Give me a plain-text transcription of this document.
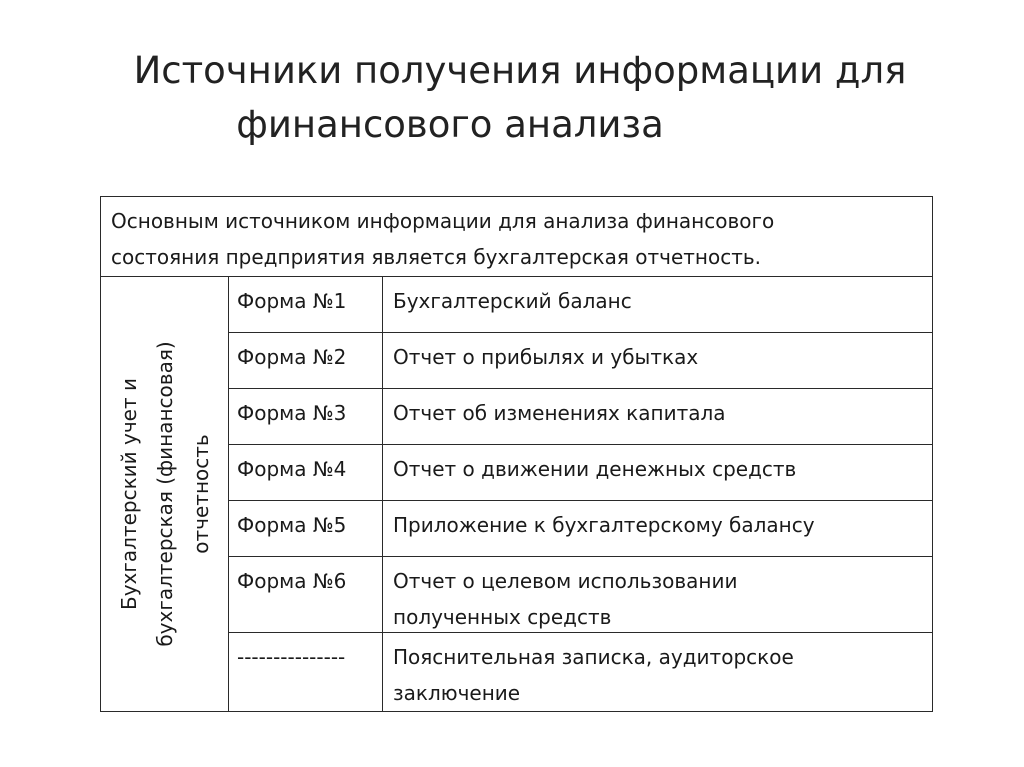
Источники получения информации для
финансового анализа
Основным источником информации для анализа финансового
состояния предприятия является бухгалтерская отчетность.
Бухгалтерский учет и бухгалтерская (финансовая) отчетность
Форма №1	Бухгалтерский баланс
Форма №2	Отчет о прибылях и убытках
Форма №3	Отчет об изменениях капитала
Форма №4	Отчет о движении денежных средств
Форма №5	Приложение к бухгалтерскому балансу
Форма №6	Отчет о целевом использовании
полученных средств
---------------	Пояснительная записка, аудиторское
заключение
